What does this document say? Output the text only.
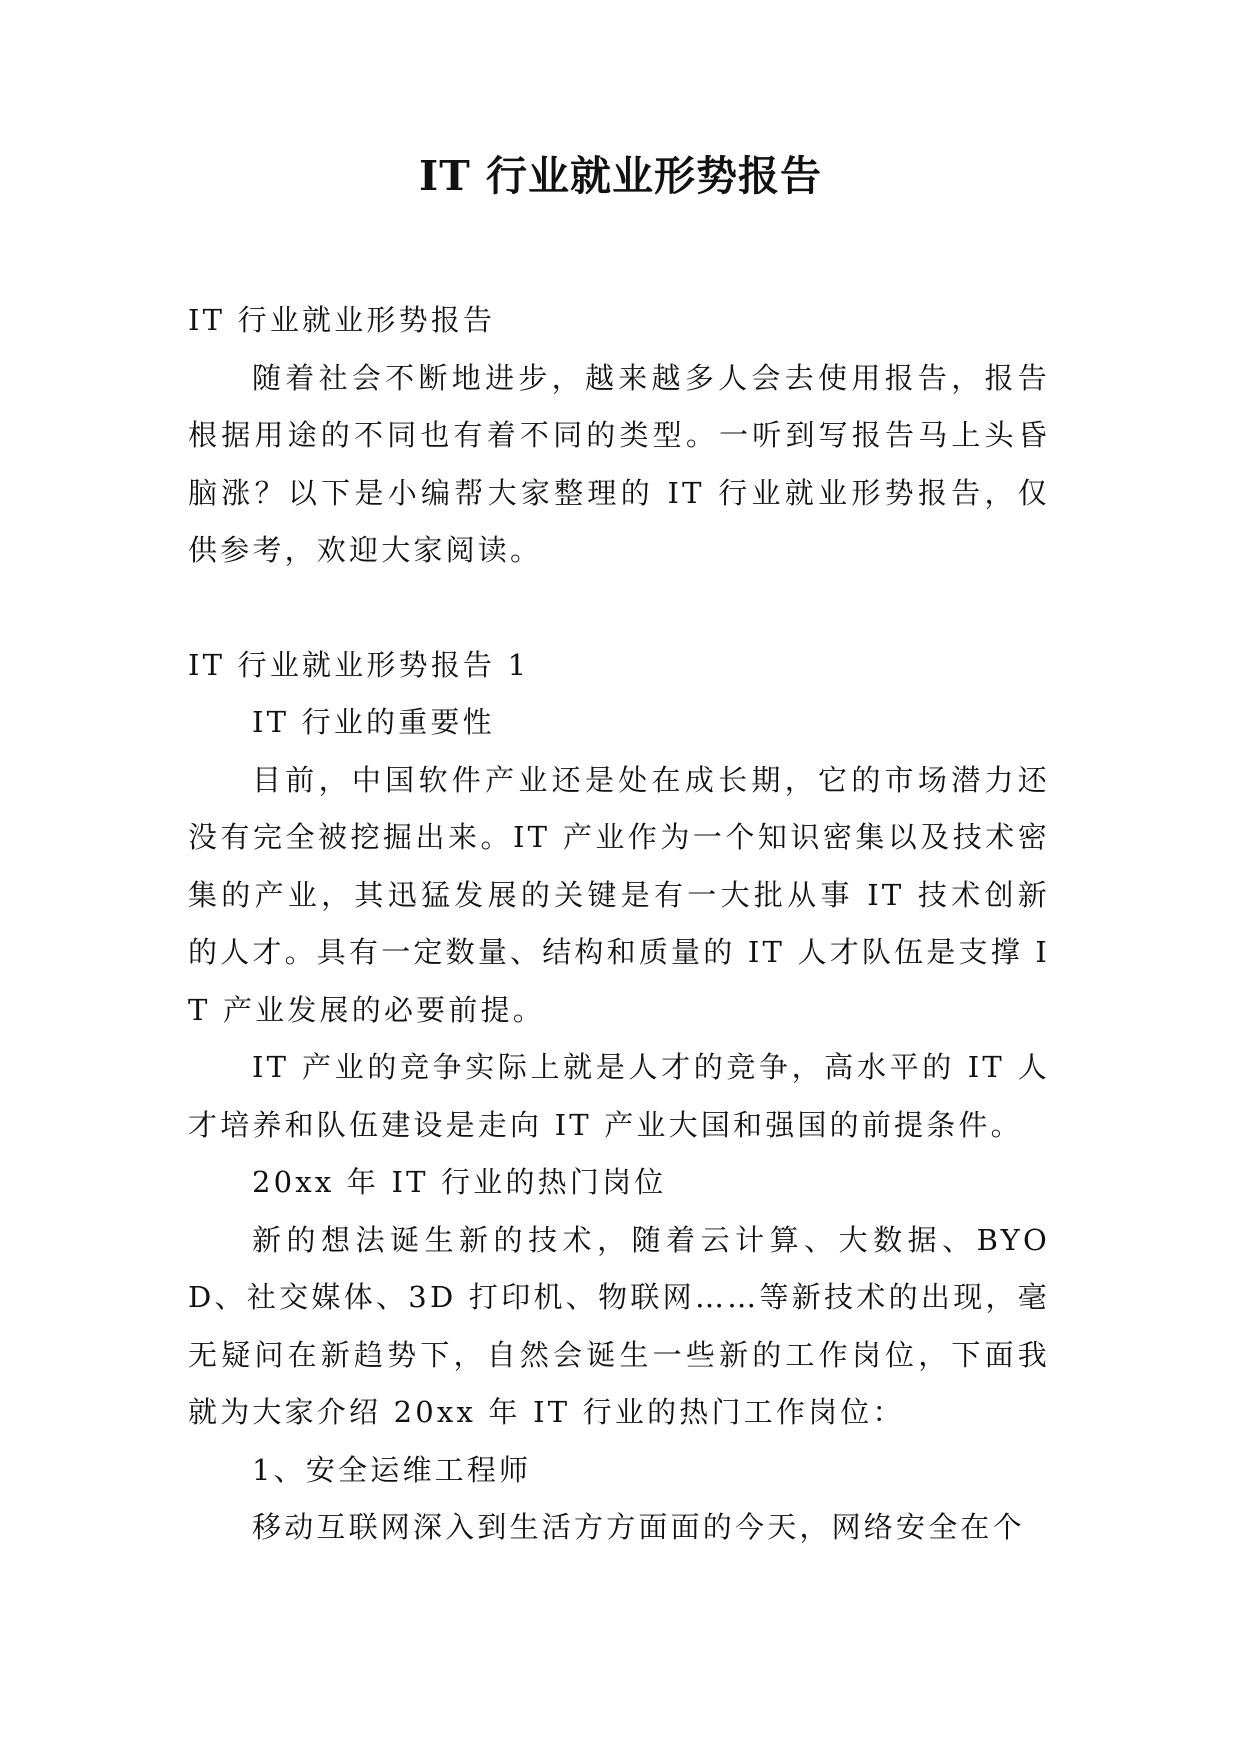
IT 行业就业形势报告
IT 行业就业形势报告
随着社会不断地进步，越来越多人会去使用报告，报告根据用途的不同也有着不同的类型。一听到写报告马上头昏脑涨？以下是小编帮大家整理的 IT 行业就业形势报告，仅供参考，欢迎大家阅读。
IT 行业就业形势报告 1
IT 行业的重要性
目前，中国软件产业还是处在成长期，它的市场潜力还没有完全被挖掘出来。IT 产业作为一个知识密集以及技术密集的产业，其迅猛发展的关键是有一大批从事 IT 技术创新的人才。具有一定数量、结构和质量的 IT 人才队伍是支撑 IT 产业发展的必要前提。
IT 产业的竞争实际上就是人才的竞争，高水平的 IT 人才培养和队伍建设是走向 IT 产业大国和强国的前提条件。
20xx 年 IT 行业的热门岗位
新的想法诞生新的技术，随着云计算、大数据、BYOD、社交媒体、3D 打印机、物联网……等新技术的出现，毫无疑问在新趋势下，自然会诞生一些新的工作岗位，下面我就为大家介绍 20xx 年 IT 行业的热门工作岗位：
1、安全运维工程师
移动互联网深入到生活方方面面的今天，网络安全在个
